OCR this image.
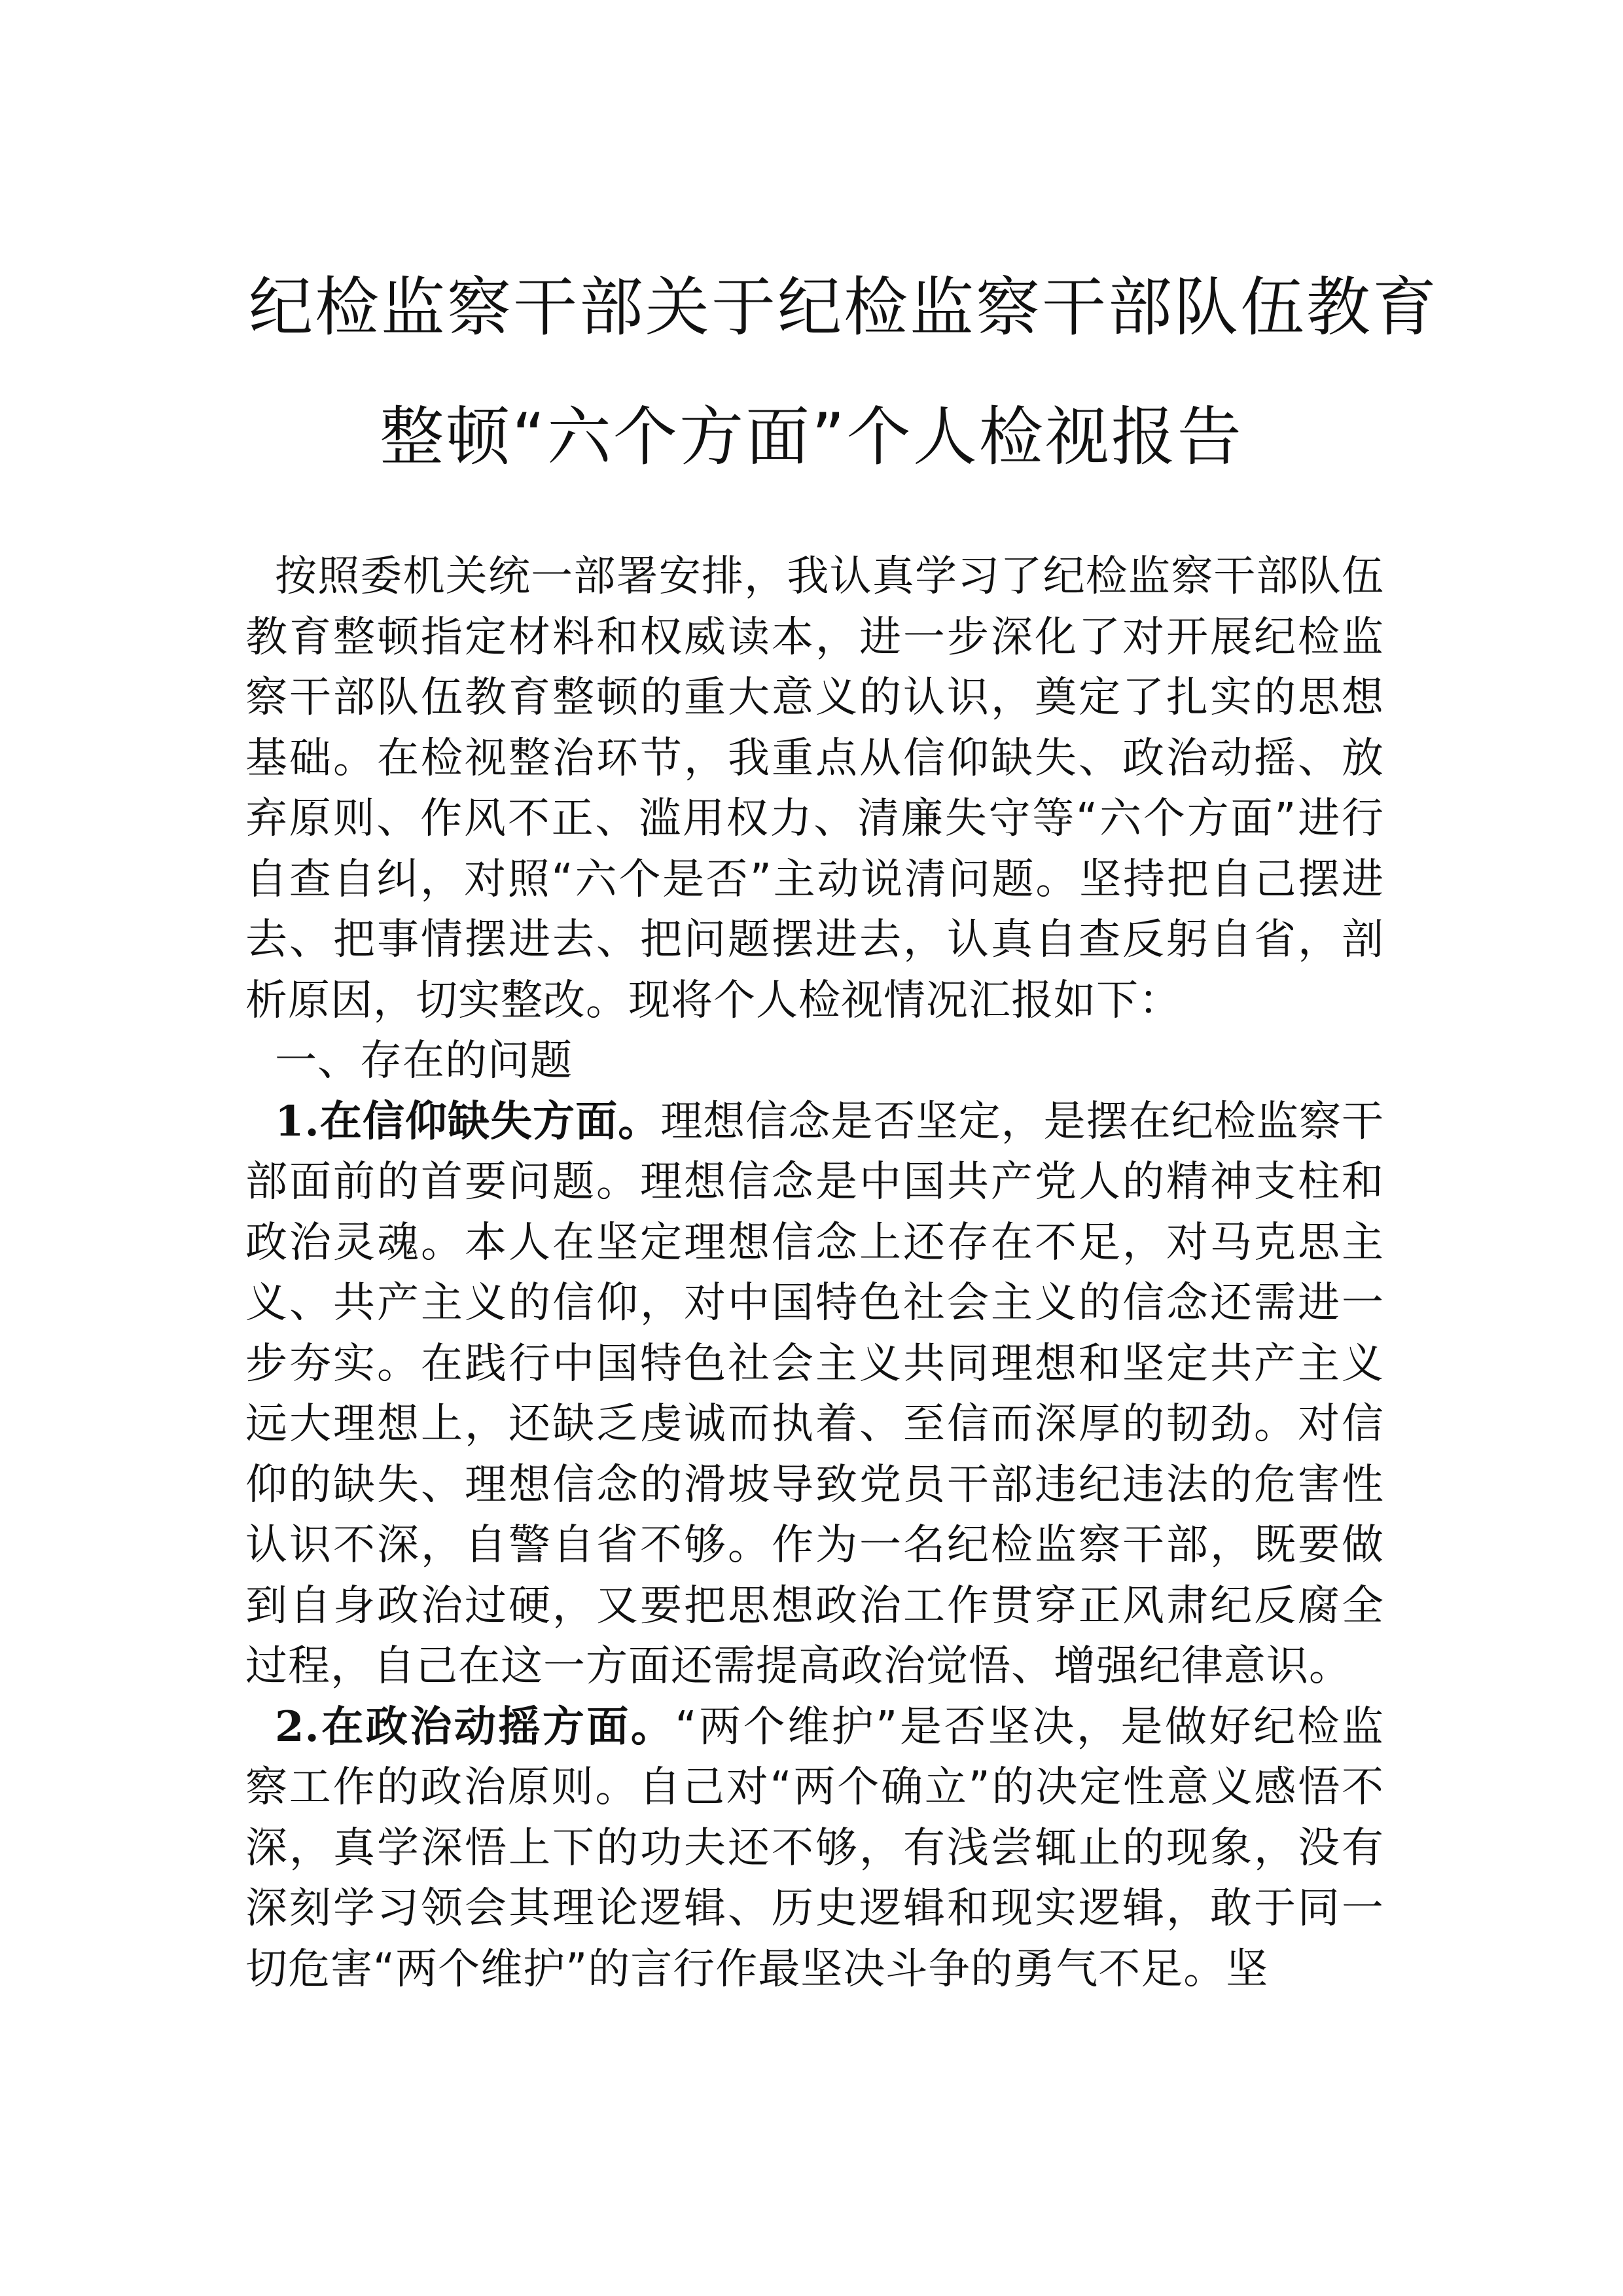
纪检监察干部关于纪检监察干部队伍教育
整顿“六个方面”个人检视报告

按照委机关统一部署安排，我认真学习了纪检监察干部队伍教育整顿指定材料和权威读本，进一步深化了对开展纪检监察干部队伍教育整顿的重大意义的认识，奠定了扎实的思想基础。在检视整治环节，我重点从信仰缺失、政治动摇、放弃原则、作风不正、滥用权力、清廉失守等“六个方面”进行自查自纠，对照“六个是否”主动说清问题。坚持把自己摆进去、把事情摆进去、把问题摆进去，认真自查反躬自省，剖析原因，切实整改。现将个人检视情况汇报如下：

一、存在的问题

1.在信仰缺失方面。理想信念是否坚定，是摆在纪检监察干部面前的首要问题。理想信念是中国共产党人的精神支柱和政治灵魂。本人在坚定理想信念上还存在不足，对马克思主义、共产主义的信仰，对中国特色社会主义的信念还需进一步夯实。在践行中国特色社会主义共同理想和坚定共产主义远大理想上，还缺乏虔诚而执着、至信而深厚的韧劲。对信仰的缺失、理想信念的滑坡导致党员干部违纪违法的危害性认识不深，自警自省不够。作为一名纪检监察干部，既要做到自身政治过硬，又要把思想政治工作贯穿正风肃纪反腐全过程，自己在这一方面还需提高政治觉悟、增强纪律意识。

2.在政治动摇方面。“两个维护”是否坚决，是做好纪检监察工作的政治原则。自己对“两个确立”的决定性意义感悟不深，真学深悟上下的功夫还不够，有浅尝辄止的现象，没有深刻学习领会其理论逻辑、历史逻辑和现实逻辑，敢于同一切危害“两个维护”的言行作最坚决斗争的勇气不足。坚
